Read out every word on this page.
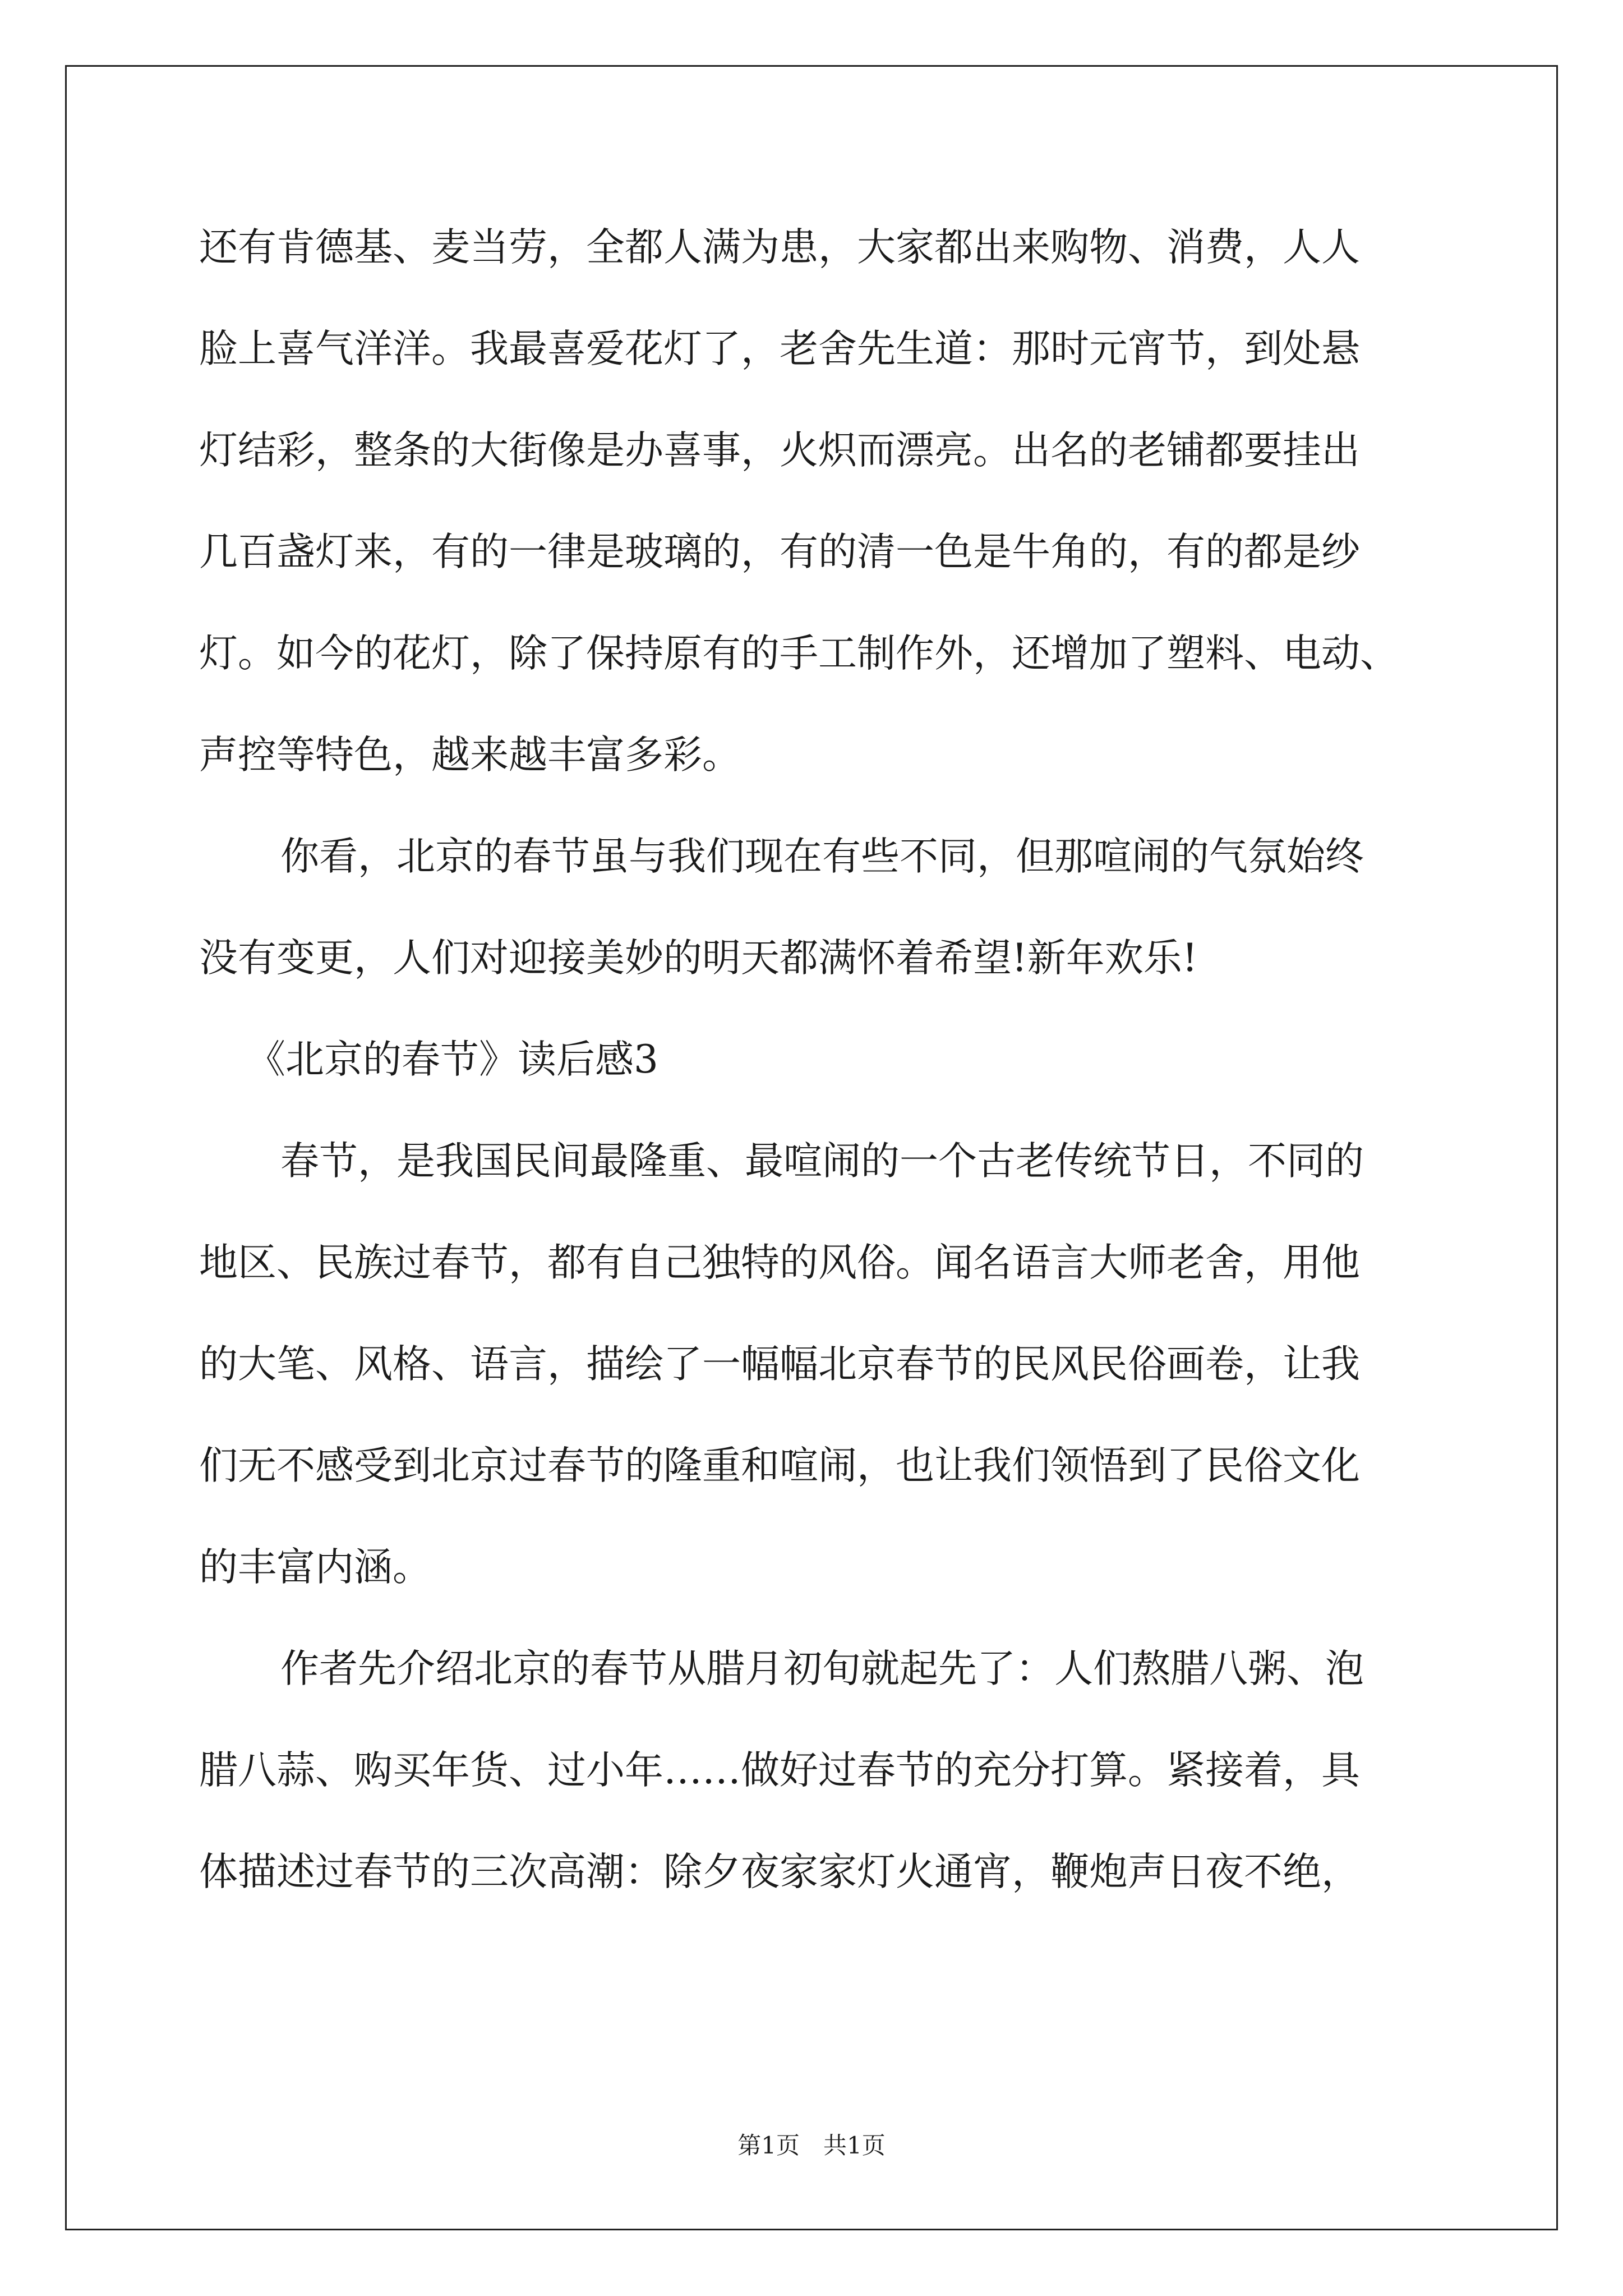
还有肯德基、麦当劳，全都人满为患，大家都出来购物、消费，人人
脸上喜气洋洋。我最喜爱花灯了，老舍先生道：那时元宵节，到处悬
灯结彩，整条的大街像是办喜事，火炽而漂亮。出名的老铺都要挂出
几百盏灯来，有的一律是玻璃的，有的清一色是牛角的，有的都是纱
灯。如今的花灯，除了保持原有的手工制作外，还增加了塑料、电动、
声控等特色，越来越丰富多彩。
你看，北京的春节虽与我们现在有些不同，但那喧闹的气氛始终
没有变更，人们对迎接美妙的明天都满怀着希望!新年欢乐!
《北京的春节》读后感3
春节，是我国民间最隆重、最喧闹的一个古老传统节日，不同的
地区、民族过春节，都有自己独特的风俗。闻名语言大师老舍，用他
的大笔、风格、语言，描绘了一幅幅北京春节的民风民俗画卷，让我
们无不感受到北京过春节的隆重和喧闹，也让我们领悟到了民俗文化
的丰富内涵。
作者先介绍北京的春节从腊月初旬就起先了：人们熬腊八粥、泡
腊八蒜、购买年货、过小年……做好过春节的充分打算。紧接着，具
体描述过春节的三次高潮：除夕夜家家灯火通宵，鞭炮声日夜不绝，
第1页　共1页
